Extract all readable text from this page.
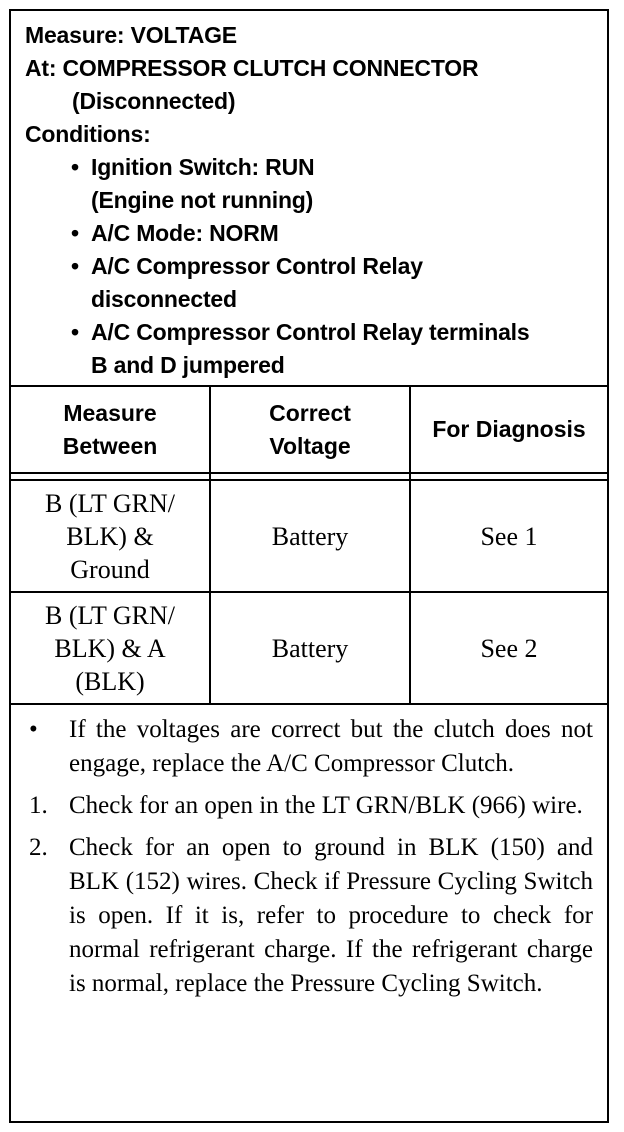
Measure: VOLTAGE
At: COMPRESSOR CLUTCH CONNECTOR
(Disconnected)
Conditions:
• Ignition Switch: RUN
(Engine not running)
• A/C Mode: NORM
• A/C Compressor Control Relay
disconnected
• A/C Compressor Control Relay terminals
B and D jumpered
Measure
Between
Correct
Voltage
For Diagnosis
B (LT GRN/
BLK) &
Ground
Battery	See 1
B (LT GRN/
BLK) & A
(BLK)
Battery	See 2
• If the voltages are correct but the clutch does not engage, replace the A/C Compressor Clutch.
1. Check for an open in the LT GRN/BLK (966) wire.
2. Check for an open to ground in BLK (150) and BLK (152) wires. Check if Pressure Cycling Switch is open. If it is, refer to procedure to check for normal refrigerant charge. If the refrigerant charge is normal, replace the Pressure Cycling Switch.
